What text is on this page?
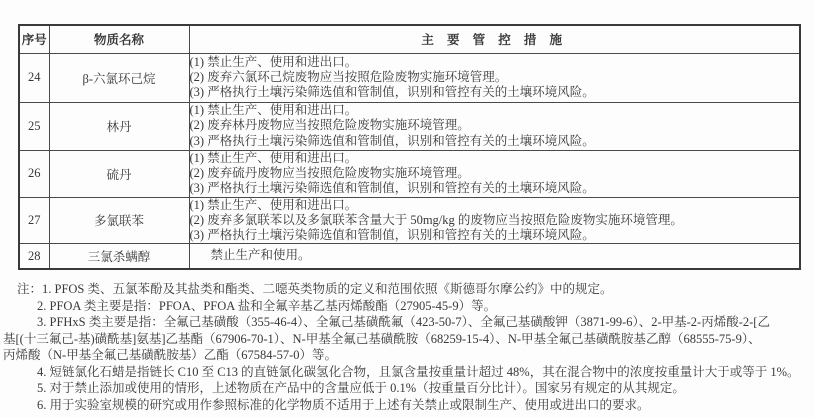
序号	物质名称	主 要 管 控 措 施
24	β-六氯环己烷	(1) 禁止生产、使用和进出口。
(2) 废弃六氯环己烷废物应当按照危险废物实施环境管理。
(3) 严格执行土壤污染筛选值和管制值，识别和管控有关的土壤环境风险。

25	林丹	(1) 禁止生产、使用和进出口。
(2) 废弃林丹废物应当按照危险废物实施环境管理。
(3) 严格执行土壤污染筛选值和管制值，识别和管控有关的土壤环境风险。

26	硫丹	(1) 禁止生产、使用和进出口。
(2) 废弃硫丹废物应当按照危险废物实施环境管理。
(3) 严格执行土壤污染筛选值和管制值，识别和管控有关的土壤环境风险。

27	多氯联苯	(1) 禁止生产、使用和进出口。
(2) 废弃多氯联苯以及多氯联苯含量大于 50mg/kg 的废物应当按照危险废物实施环境管理。
(3) 严格执行土壤污染筛选值和管制值，识别和管控有关的土壤环境风险。

28	三氯杀螨醇	禁止生产和使用。
注：1. PFOS 类、五氯苯酚及其盐类和酯类、二噁英类物质的定义和范围依照《斯德哥尔摩公约》中的规定。
2. PFOA 类主要是指：PFOA、PFOA 盐和全氟辛基乙基丙烯酸酯（27905-45-9）等。
3. PFHxS 类主要是指：全氟己基磺酸（355-46-4）、全氟己基磺酰氟（423-50-7）、全氟己基磺酸钾（3871-99-6）、2-甲基-2-丙烯酸-2-[乙
基[(十三氟己-基)磺酰基]氨基]乙基酯（67906-70-1）、N-甲基全氟己基磺酰胺（68259-15-4）、N-甲基全氟己基磺酰胺基乙醇（68555-75-9）、
丙烯酸（N-甲基全氟己基磺酰胺基）乙酯（67584-57-0）等。
4. 短链氯化石蜡是指链长 C10 至 C13 的直链氯化碳氢化合物，且氯含量按重量计超过 48%，其在混合物中的浓度按重量计大于或等于 1%。
5. 对于禁止添加或使用的情形，上述物质在产品中的含量应低于 0.1%（按重量百分比计）。国家另有规定的从其规定。
6. 用于实验室规模的研究或用作参照标准的化学物质不适用于上述有关禁止或限制生产、使用或进出口的要求。
